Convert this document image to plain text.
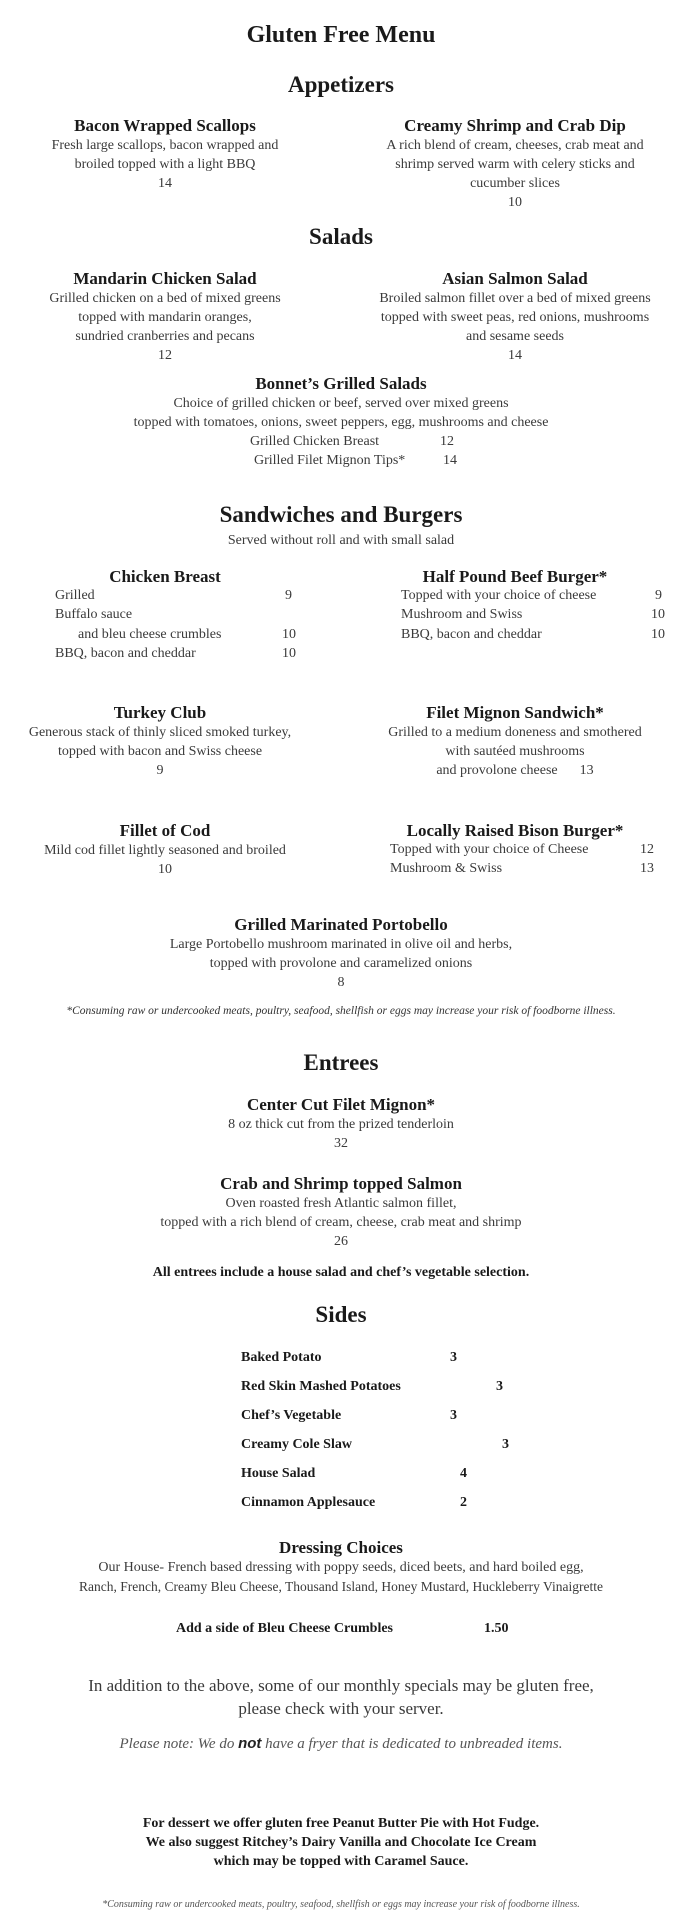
Gluten Free Menu
Appetizers
Bacon Wrapped Scallops
Fresh large scallops, bacon wrapped and
broiled topped with a light BBQ
14
Creamy Shrimp and Crab Dip
A rich blend of cream, cheeses, crab meat and
shrimp served warm with celery sticks and
cucumber slices
10
Salads
Mandarin Chicken Salad
Grilled chicken on a bed of mixed greens
topped with mandarin oranges,
sundried cranberries and pecans
12
Asian Salmon Salad
Broiled salmon fillet over a bed of mixed greens
topped with sweet peas, red onions, mushrooms
and sesame seeds
14
Bonnet’s Grilled Salads
Choice of grilled chicken or beef, served over mixed greens
topped with tomatoes, onions, sweet peppers, egg, mushrooms and cheese
Grilled Chicken Breast	12
Grilled Filet Mignon Tips*	14
Sandwiches and Burgers
Served without roll and with small salad
Chicken Breast
Grilled	9
Buffalo sauce
and bleu cheese crumbles	10
BBQ, bacon and cheddar	10
Half Pound Beef Burger*
Topped with your choice of cheese	9
Mushroom and Swiss	10
BBQ, bacon and cheddar	10
Turkey Club
Generous stack of thinly sliced smoked turkey,
topped with bacon and Swiss cheese
9
Filet Mignon Sandwich*
Grilled to a medium doneness and smothered
with sautéed mushrooms
and provolone cheese 13
Fillet of Cod
Mild cod fillet lightly seasoned and broiled
10
Locally Raised Bison Burger*
Topped with your choice of Cheese	12
Mushroom & Swiss	13
Grilled Marinated Portobello
Large Portobello mushroom marinated in olive oil and herbs,
topped with provolone and caramelized onions
8
*Consuming raw or undercooked meats, poultry, seafood, shellfish or eggs may increase your risk of foodborne illness.
Entrees
Center Cut Filet Mignon*
8 oz thick cut from the prized tenderloin
32
Crab and Shrimp topped Salmon
Oven roasted fresh Atlantic salmon fillet,
topped with a rich blend of cream, cheese, crab meat and shrimp
26
All entrees include a house salad and chef’s vegetable selection.
Sides
Baked Potato	3
Red Skin Mashed Potatoes	3
Chef’s Vegetable	3
Creamy Cole Slaw	3
House Salad	4
Cinnamon Applesauce	2
Dressing Choices
Our House- French based dressing with poppy seeds, diced beets, and hard boiled egg,
Ranch, French, Creamy Bleu Cheese, Thousand Island, Honey Mustard, Huckleberry Vinaigrette
Add a side of Bleu Cheese Crumbles	1.50
In addition to the above, some of our monthly specials may be gluten free,
please check with your server.
Please note: We do not have a fryer that is dedicated to unbreaded items.
For dessert we offer gluten free Peanut Butter Pie with Hot Fudge.
We also suggest Ritchey’s Dairy Vanilla and Chocolate Ice Cream
which may be topped with Caramel Sauce.
*Consuming raw or undercooked meats, poultry, seafood, shellfish or eggs may increase your risk of foodborne illness.
